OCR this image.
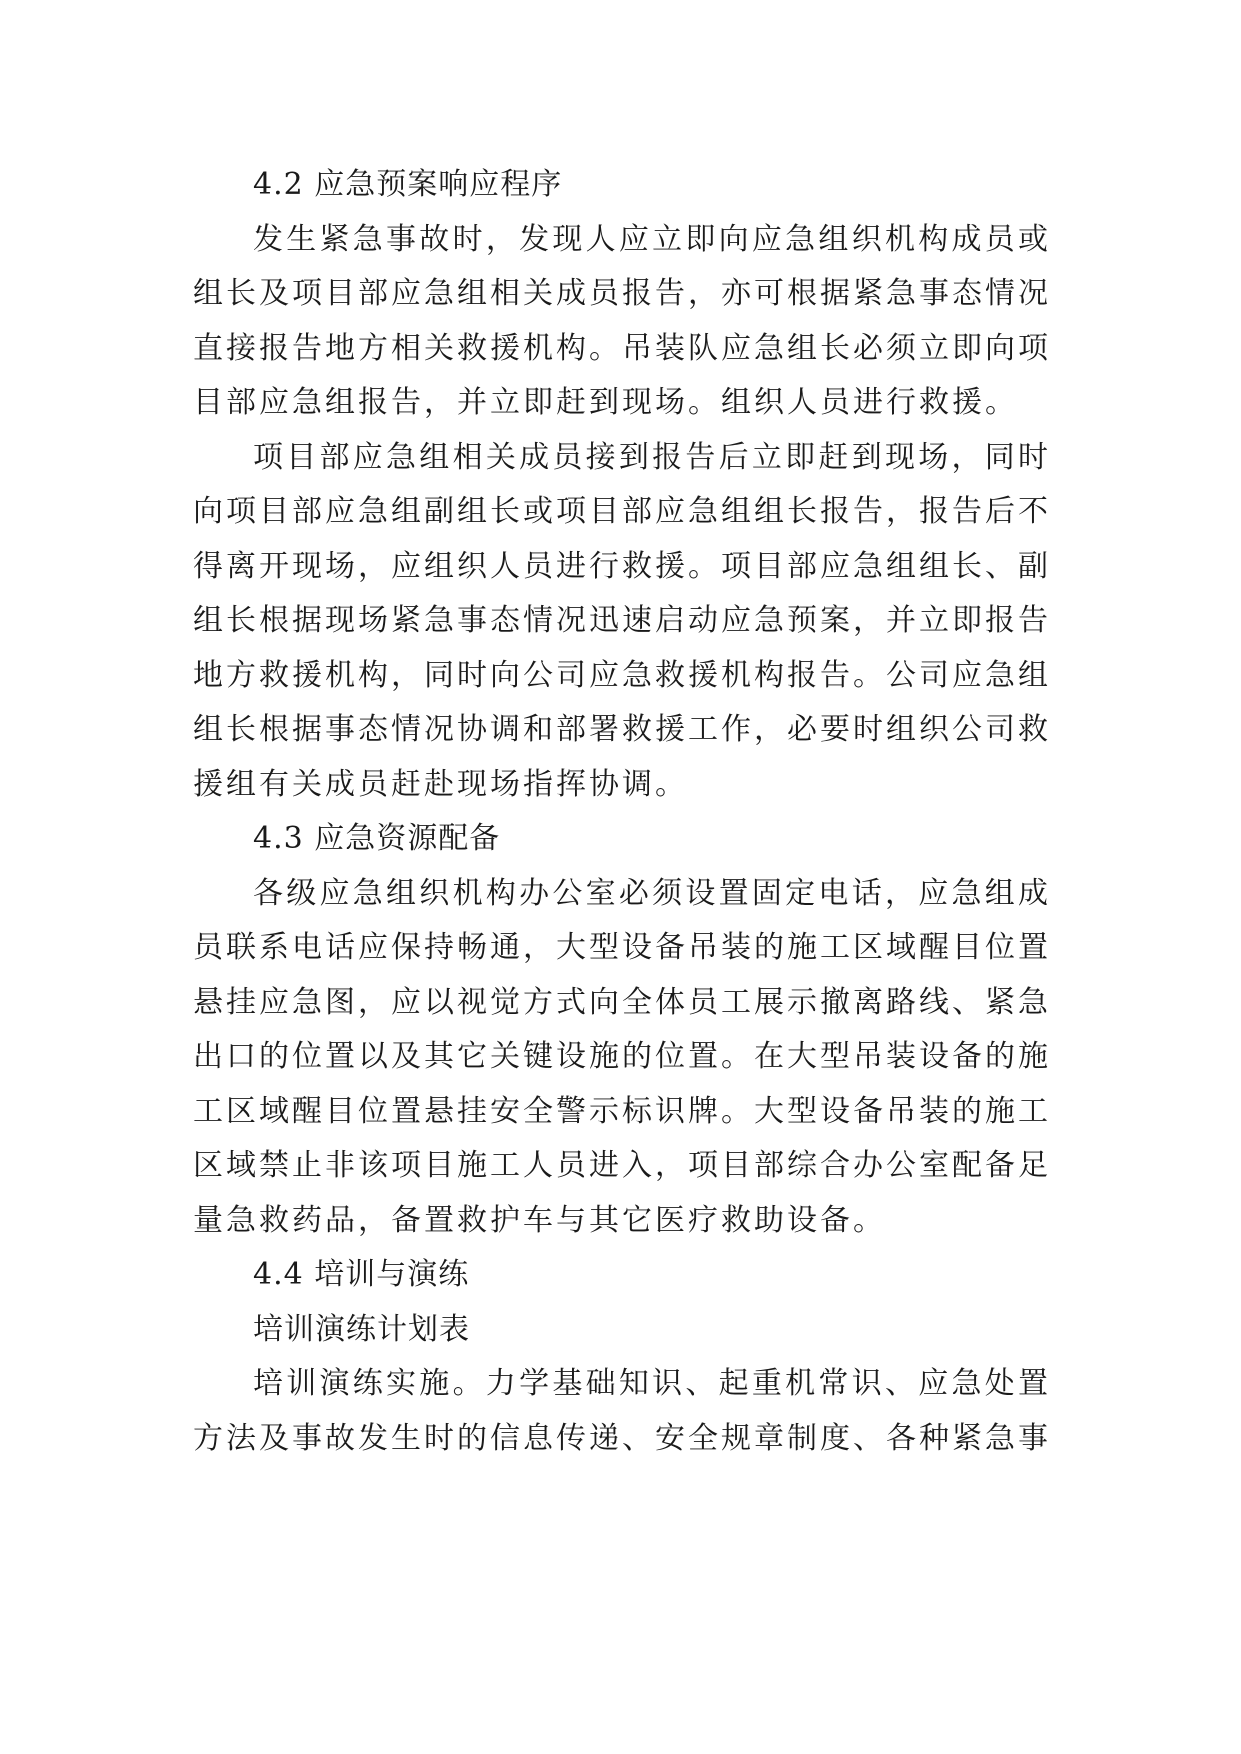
4.2 应急预案响应程序

发生紧急事故时，发现人应立即向应急组织机构成员或组长及项目部应急组相关成员报告，亦可根据紧急事态情况直接报告地方相关救援机构。吊装队应急组长必须立即向项目部应急组报告，并立即赶到现场。组织人员进行救援。

项目部应急组相关成员接到报告后立即赶到现场，同时向项目部应急组副组长或项目部应急组组长报告，报告后不得离开现场，应组织人员进行救援。项目部应急组组长、副组长根据现场紧急事态情况迅速启动应急预案，并立即报告地方救援机构，同时向公司应急救援机构报告。公司应急组组长根据事态情况协调和部署救援工作，必要时组织公司救援组有关成员赶赴现场指挥协调。

4.3 应急资源配备

各级应急组织机构办公室必须设置固定电话，应急组成员联系电话应保持畅通，大型设备吊装的施工区域醒目位置悬挂应急图，应以视觉方式向全体员工展示撤离路线、紧急出口的位置以及其它关键设施的位置。在大型吊装设备的施工区域醒目位置悬挂安全警示标识牌。大型设备吊装的施工区域禁止非该项目施工人员进入，项目部综合办公室配备足量急救药品，备置救护车与其它医疗救助设备。

4.4 培训与演练

培训演练计划表

培训演练实施。力学基础知识、起重机常识、应急处置方法及事故发生时的信息传递、安全规章制度、各种紧急事
